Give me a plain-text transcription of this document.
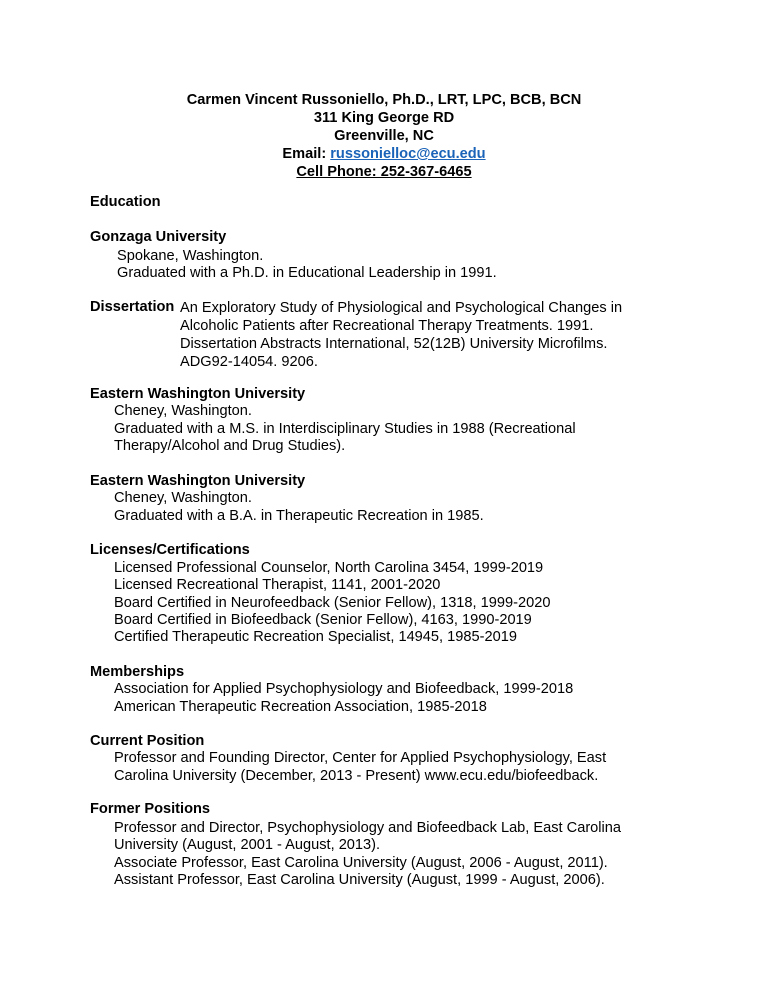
Carmen Vincent Russoniello, Ph.D., LRT, LPC, BCB, BCN
311 King George RD
Greenville, NC
Email: russonielloc@ecu.edu
Cell Phone: 252-367-6465
Education
Gonzaga University
Spokane, Washington.
Graduated with a Ph.D. in Educational Leadership in 1991.
Dissertation An Exploratory Study of Physiological and Psychological Changes in
Alcoholic Patients after Recreational Therapy Treatments. 1991.
Dissertation Abstracts International, 52(12B) University Microfilms.
ADG92-14054. 9206.
Eastern Washington University
Cheney, Washington.
Graduated with a M.S. in Interdisciplinary Studies in 1988 (Recreational
Therapy/Alcohol and Drug Studies).
Eastern Washington University
Cheney, Washington.
Graduated with a B.A. in Therapeutic Recreation in 1985.
Licenses/Certifications
Licensed Professional Counselor, North Carolina 3454, 1999-2019
Licensed Recreational Therapist, 1141, 2001-2020
Board Certified in Neurofeedback (Senior Fellow), 1318, 1999-2020
Board Certified in Biofeedback (Senior Fellow), 4163, 1990-2019
Certified Therapeutic Recreation Specialist, 14945, 1985-2019
Memberships
Association for Applied Psychophysiology and Biofeedback, 1999-2018
American Therapeutic Recreation Association, 1985-2018
Current Position
Professor and Founding Director, Center for Applied Psychophysiology, East
Carolina University (December, 2013 - Present) www.ecu.edu/biofeedback.
Former Positions
Professor and Director, Psychophysiology and Biofeedback Lab, East Carolina
University (August, 2001 - August, 2013).
Associate Professor, East Carolina University (August, 2006 - August, 2011).
Assistant Professor, East Carolina University (August, 1999 - August, 2006).
